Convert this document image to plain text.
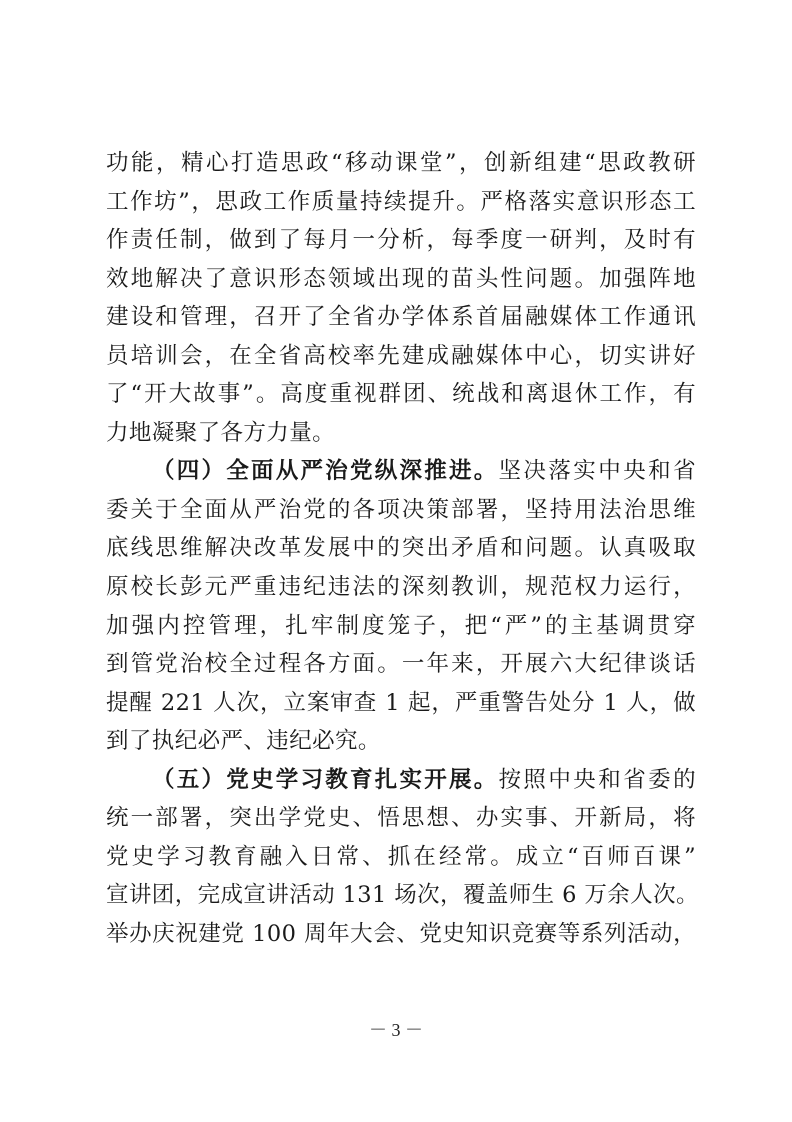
功能，精心打造思政“移动课堂”，创新组建“思政教研
工作坊”，思政工作质量持续提升。严格落实意识形态工
作责任制，做到了每月一分析，每季度一研判，及时有
效地解决了意识形态领域出现的苗头性问题。加强阵地
建设和管理，召开了全省办学体系首届融媒体工作通讯
员培训会，在全省高校率先建成融媒体中心，切实讲好
了“开大故事”。高度重视群团、统战和离退休工作，有
力地凝聚了各方力量。
（四）全面从严治党纵深推进。坚决落实中央和省
委关于全面从严治党的各项决策部署，坚持用法治思维
底线思维解决改革发展中的突出矛盾和问题。认真吸取
原校长彭元严重违纪违法的深刻教训，规范权力运行，
加强内控管理，扎牢制度笼子，把“严”的主基调贯穿
到管党治校全过程各方面。一年来，开展六大纪律谈话
提醒 221 人次，立案审查 1 起，严重警告处分 1 人，做
到了执纪必严、违纪必究。
（五）党史学习教育扎实开展。按照中央和省委的
统一部署，突出学党史、悟思想、办实事、开新局，将
党史学习教育融入日常、抓在经常。成立“百师百课”
宣讲团，完成宣讲活动 131 场次，覆盖师生 6 万余人次。
举办庆祝建党 100 周年大会、党史知识竞赛等系列活动，
－ 3 －
